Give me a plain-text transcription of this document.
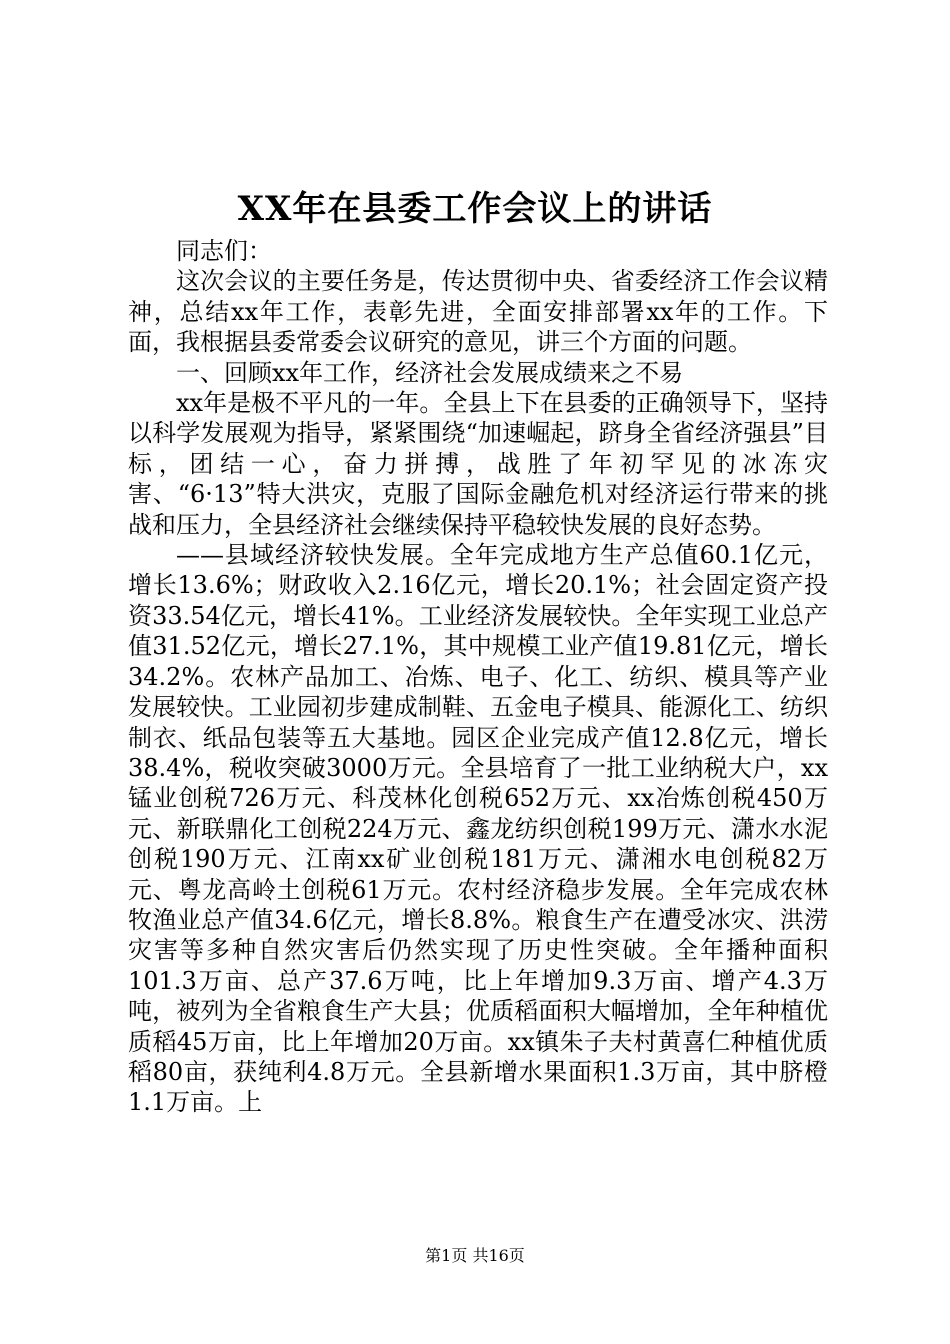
XX年在县委工作会议上的讲话

同志们：

这次会议的主要任务是，传达贯彻中央、省委经济工作会议精神，总结xx年工作，表彰先进，全面安排部署xx年的工作。下面，我根据县委常委会议研究的意见，讲三个方面的问题。

一、回顾xx年工作，经济社会发展成绩来之不易

xx年是极不平凡的一年。全县上下在县委的正确领导下，坚持以科学发展观为指导，紧紧围绕“加速崛起，跻身全省经济强县”目标，团结一心，奋力拼搏，战胜了年初罕见的冰冻灾害、“6·13”特大洪灾，克服了国际金融危机对经济运行带来的挑战和压力，全县经济社会继续保持平稳较快发展的良好态势。

——县域经济较快发展。全年完成地方生产总值60.1亿元，增长13.6%；财政收入2.16亿元，增长20.1%；社会固定资产投资33.54亿元，增长41%。工业经济发展较快。全年实现工业总产值31.52亿元，增长27.1%，其中规模工业产值19.81亿元，增长34.2%。农林产品加工、冶炼、电子、化工、纺织、模具等产业发展较快。工业园初步建成制鞋、五金电子模具、能源化工、纺织制衣、纸品包装等五大基地。园区企业完成产值12.8亿元，增长38.4%，税收突破3000万元。全县培育了一批工业纳税大户，xx锰业创税726万元、科茂林化创税652万元、xx冶炼创税450万元、新联鼎化工创税224万元、鑫龙纺织创税199万元、潇水水泥创税190万元、江南xx矿业创税181万元、潇湘水电创税82万元、粤龙高岭土创税61万元。农村经济稳步发展。全年完成农林牧渔业总产值34.6亿元，增长8.8%。粮食生产在遭受冰灾、洪涝灾害等多种自然灾害后仍然实现了历史性突破。全年播种面积101.3万亩、总产37.6万吨，比上年增加9.3万亩、增产4.3万吨，被列为全省粮食生产大县；优质稻面积大幅增加，全年种植优质稻45万亩，比上年增加20万亩。xx镇朱子夫村黄喜仁种植优质稻80亩，获纯利4.8万元。全县新增水果面积1.3万亩，其中脐橙1.1万亩。上

第1页 共16页
